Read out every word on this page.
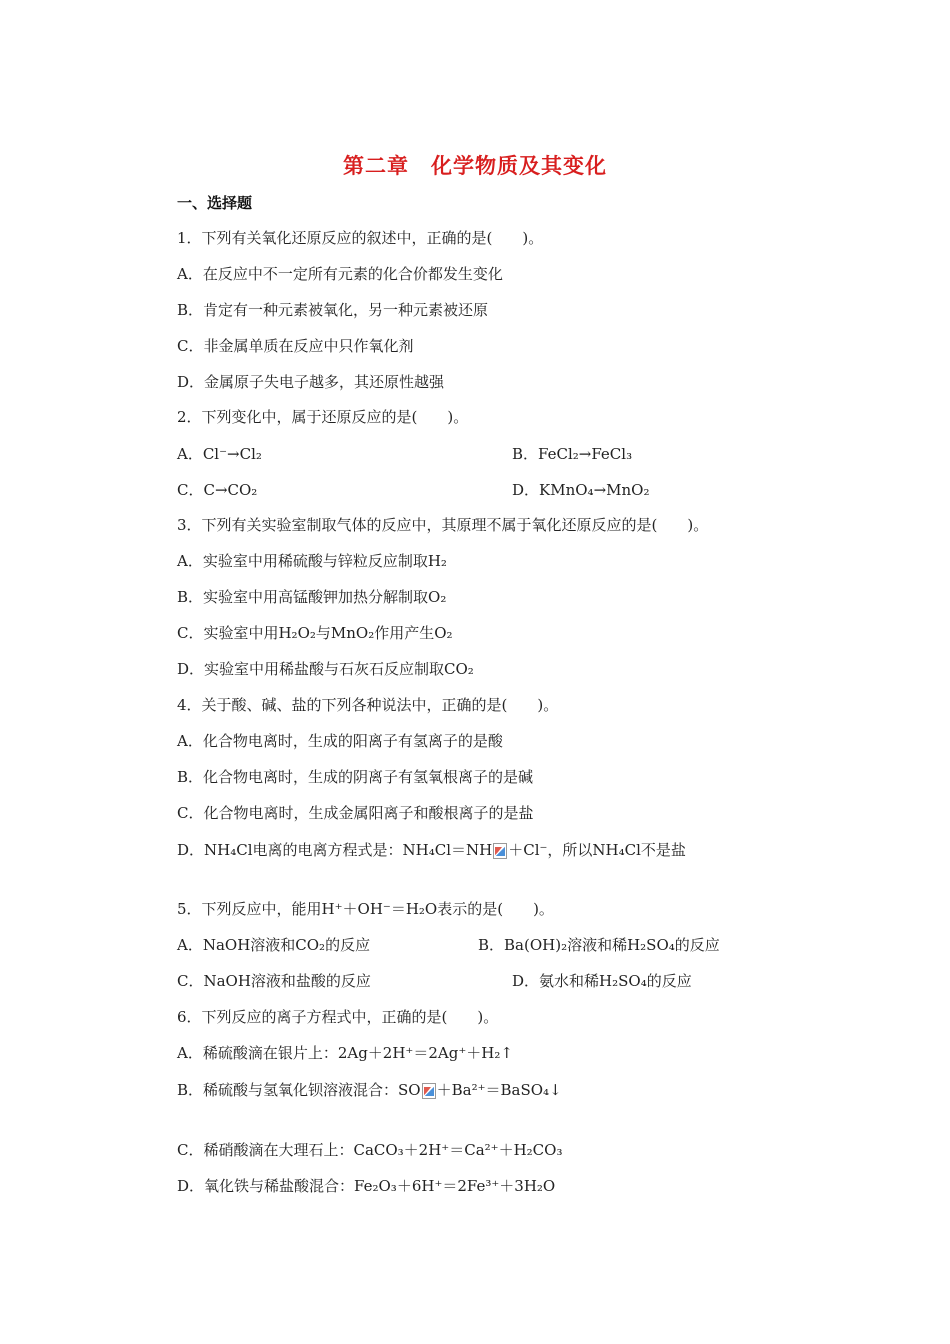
第二章　化学物质及其变化
一、选择题
1．下列有关氧化还原反应的叙述中，正确的是(　　)。
A．在反应中不一定所有元素的化合价都发生变化
B．肯定有一种元素被氧化，另一种元素被还原
C．非金属单质在反应中只作氧化剂
D．金属原子失电子越多，其还原性越强
2．下列变化中，属于还原反应的是(　　)。
A．Cl⁻→Cl₂	B．FeCl₂→FeCl₃
C．C→CO₂	D．KMnO₄→MnO₂
3．下列有关实验室制取气体的反应中，其原理不属于氧化还原反应的是(　　)。
A．实验室中用稀硫酸与锌粒反应制取H₂
B．实验室中用高锰酸钾加热分解制取O₂
C．实验室中用H₂O₂与MnO₂作用产生O₂
D．实验室中用稀盐酸与石灰石反应制取CO₂
4．关于酸、碱、盐的下列各种说法中，正确的是(　　)。
A．化合物电离时，生成的阳离子有氢离子的是酸
B．化合物电离时，生成的阴离子有氢氧根离子的是碱
C．化合物电离时，生成金属阳离子和酸根离子的是盐
D．NH₄Cl电离的电离方程式是：NH₄Cl＝NH ＋Cl⁻，所以NH₄Cl不是盐
5．下列反应中，能用H⁺＋OH⁻＝H₂O表示的是(　　)。
A．NaOH溶液和CO₂的反应	B．Ba(OH)₂溶液和稀H₂SO₄的反应
C．NaOH溶液和盐酸的反应	D．氨水和稀H₂SO₄的反应
6．下列反应的离子方程式中，正确的是(　　)。
A．稀硫酸滴在银片上：2Ag＋2H⁺＝2Ag⁺＋H₂↑
B．稀硫酸与氢氧化钡溶液混合：SO ＋Ba²⁺＝BaSO₄↓
C．稀硝酸滴在大理石上：CaCO₃＋2H⁺＝Ca²⁺＋H₂CO₃
D．氧化铁与稀盐酸混合：Fe₂O₃＋6H⁺＝2Fe³⁺＋3H₂O
